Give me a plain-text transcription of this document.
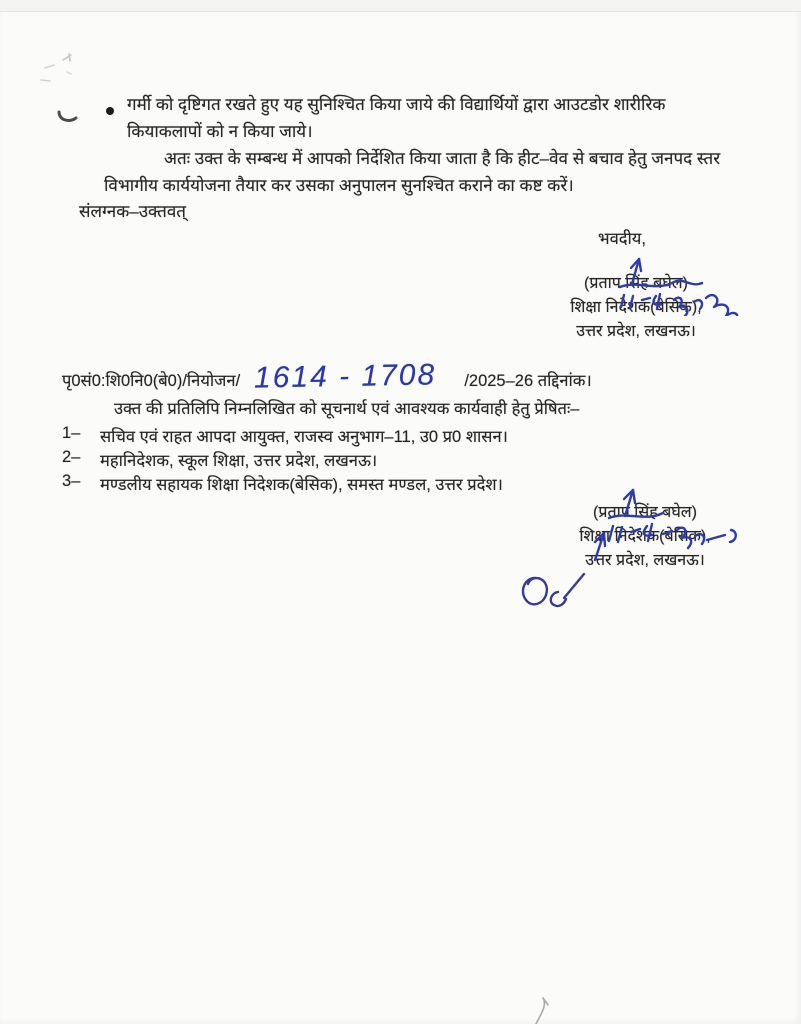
गर्मी को दृष्टिगत रखते हुए यह सुनिश्चित किया जाये की विद्यार्थियों द्वारा आउटडोर शारीरिक
कियाकलापों को न किया जाये।
अतः उक्त के सम्बन्ध में आपको निर्देशित किया जाता है कि हीट–वेव से बचाव हेतु जनपद स्तर
विभागीय कार्ययोजना तैयार कर उसका अनुपालन सुनश्चित कराने का कष्ट करें।
संलग्नक–उक्तवत्
भवदीय,
(प्रताप सिंह बघेल)
शिक्षा निदेशक(बेसिक),
उत्तर प्रदेश, लखनऊ।
पृ0सं0:शि0नि0(बे0)/नियोजन/ 1614 - 1708 /2025–26 तद्दिनांक।
उक्त की प्रतिलिपि निम्नलिखित को सूचनार्थ एवं आवश्यक कार्यवाही हेतु प्रेषितः–
1–	सचिव एवं राहत आपदा आयुक्त, राजस्व अनुभाग–11, उ0 प्र0 शासन।
2–	महानिदेशक, स्कूल शिक्षा, उत्तर प्रदेश, लखनऊ।
3–	मण्डलीय सहायक शिक्षा निदेशक(बेसिक), समस्त मण्डल, उत्तर प्रदेश।
(प्रताप सिंह बघेल)
शिक्षा निदेशक(बेसिक),
उत्तर प्रदेश, लखनऊ।
